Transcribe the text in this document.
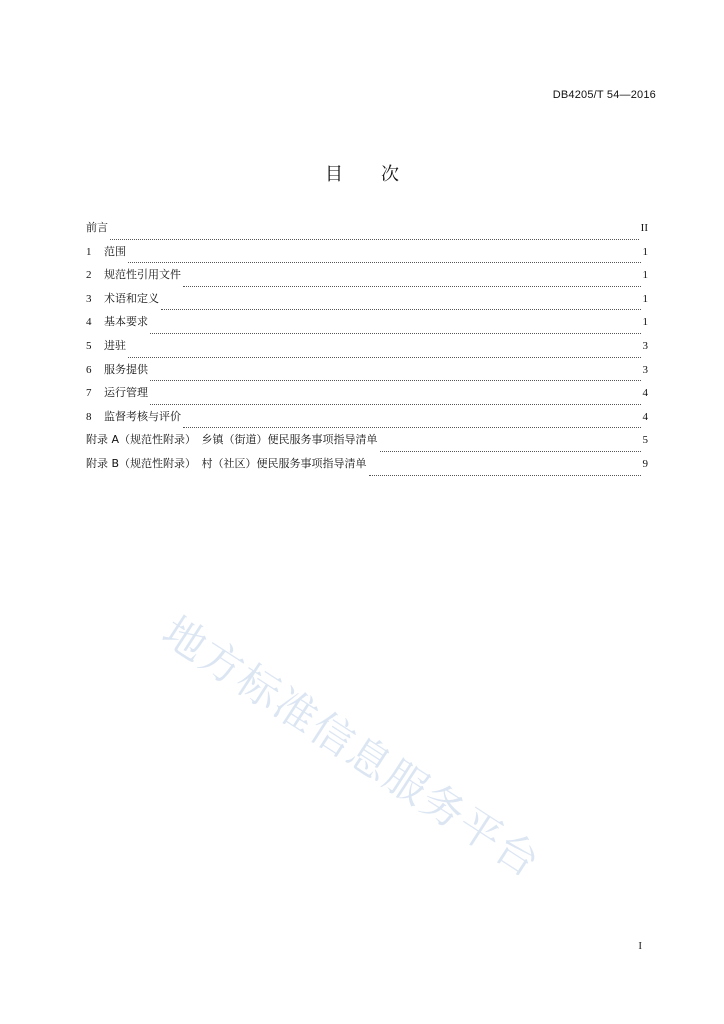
DB4205/T 54—2016
目 次
前言	II
1	范围	1
2	规范性引用文件	1
3	术语和定义	1
4	基本要求	1
5	进驻	3
6	服务提供	3
7	运行管理	4
8	监督考核与评价	4
附录 A（规范性附录）　乡镇（街道）便民服务事项指导清单	5
附录 B（规范性附录）　村（社区）便民服务事项指导清单	9
地方标准信息服务平台
I
